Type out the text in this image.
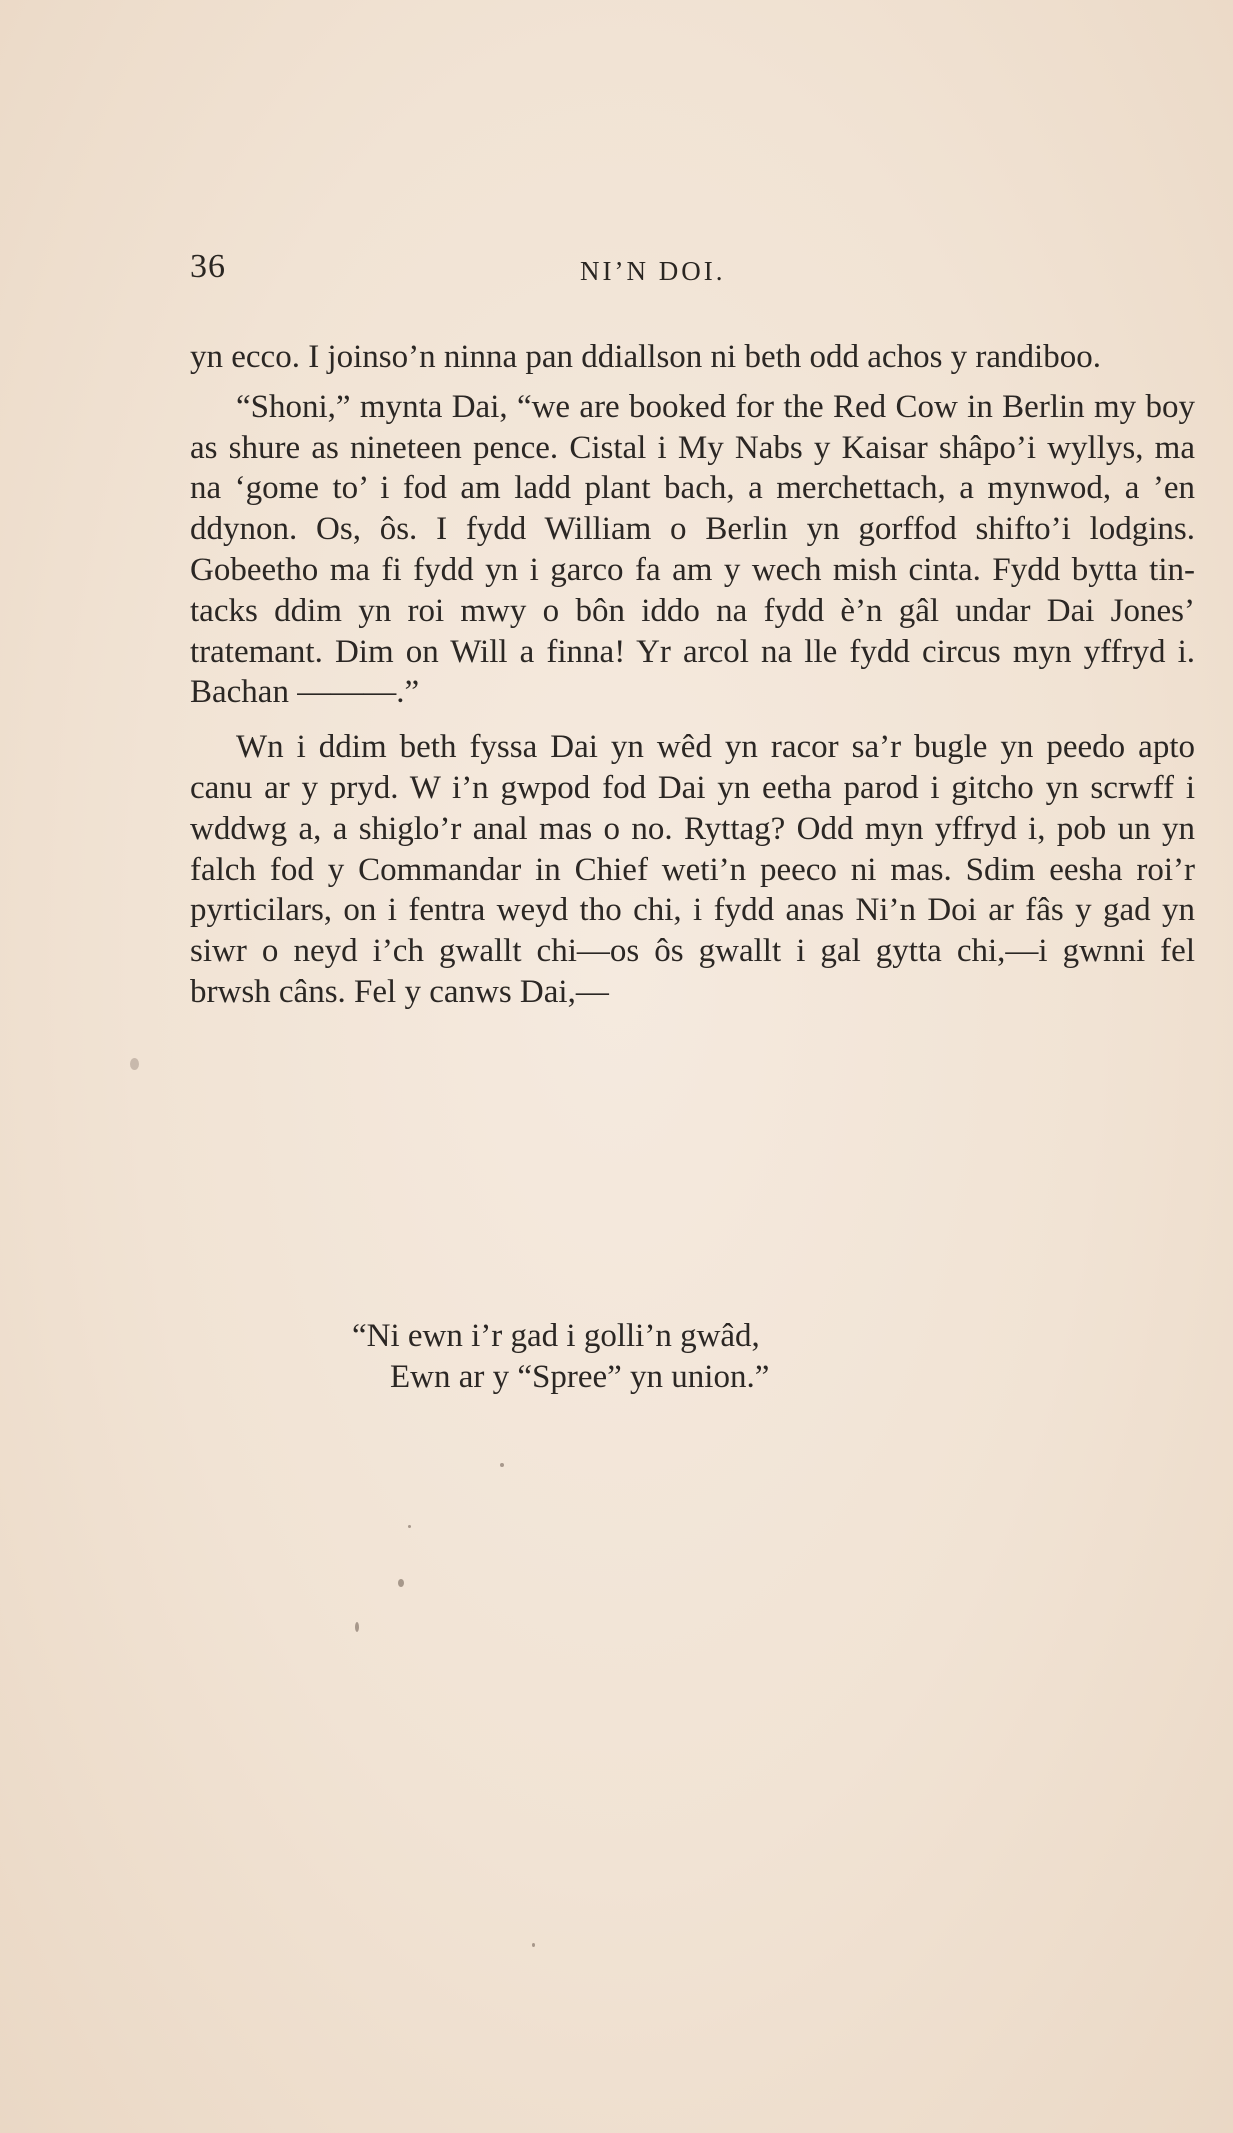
36	NI’N DOI.

yn ecco. I joinso’n ninna pan ddiallson ni beth odd achos y randiboo.

“Shoni,” mynta Dai, “we are booked for the Red Cow in Berlin my boy as shure as nineteen pence. Cistal i My Nabs y Kaisar shâpo’i wyllys, ma na ‘gome to’ i fod am ladd plant bach, a merchettach, a mynwod, a ’en ddynon. Os, ôs. I fydd William o Berlin yn gorffod shifto’i lodgins. Gobeetho ma fi fydd yn i garco fa am y wech mish cinta. Fydd bytta tin-tacks ddim yn roi mwy o bôn iddo na fydd è’n gâl undar Dai Jones’ tratemant. Dim on Will a finna! Yr arcol na lle fydd circus myn yffryd i. Bachan ———.”

Wn i ddim beth fyssa Dai yn wêd yn racor sa’r bugle yn peedo apto canu ar y pryd. W i’n gwpod fod Dai yn eetha parod i gitcho yn scrwff i wddwg a, a shiglo’r anal mas o no. Ryttag? Odd myn yffryd i, pob un yn falch fod y Commandar in Chief weti’n peeco ni mas. Sdim eesha roi’r pyrticilars, on i fentra weyd tho chi, i fydd anas Ni’n Doi ar fâs y gad yn siwr o neyd i’ch gwallt chi—os ôs gwallt i gal gytta chi,—i gwnni fel brwsh câns. Fel y canws Dai,—

“Ni ewn i’r gad i golli’n gwâd,
Ewn ar y “Spree” yn union.”
